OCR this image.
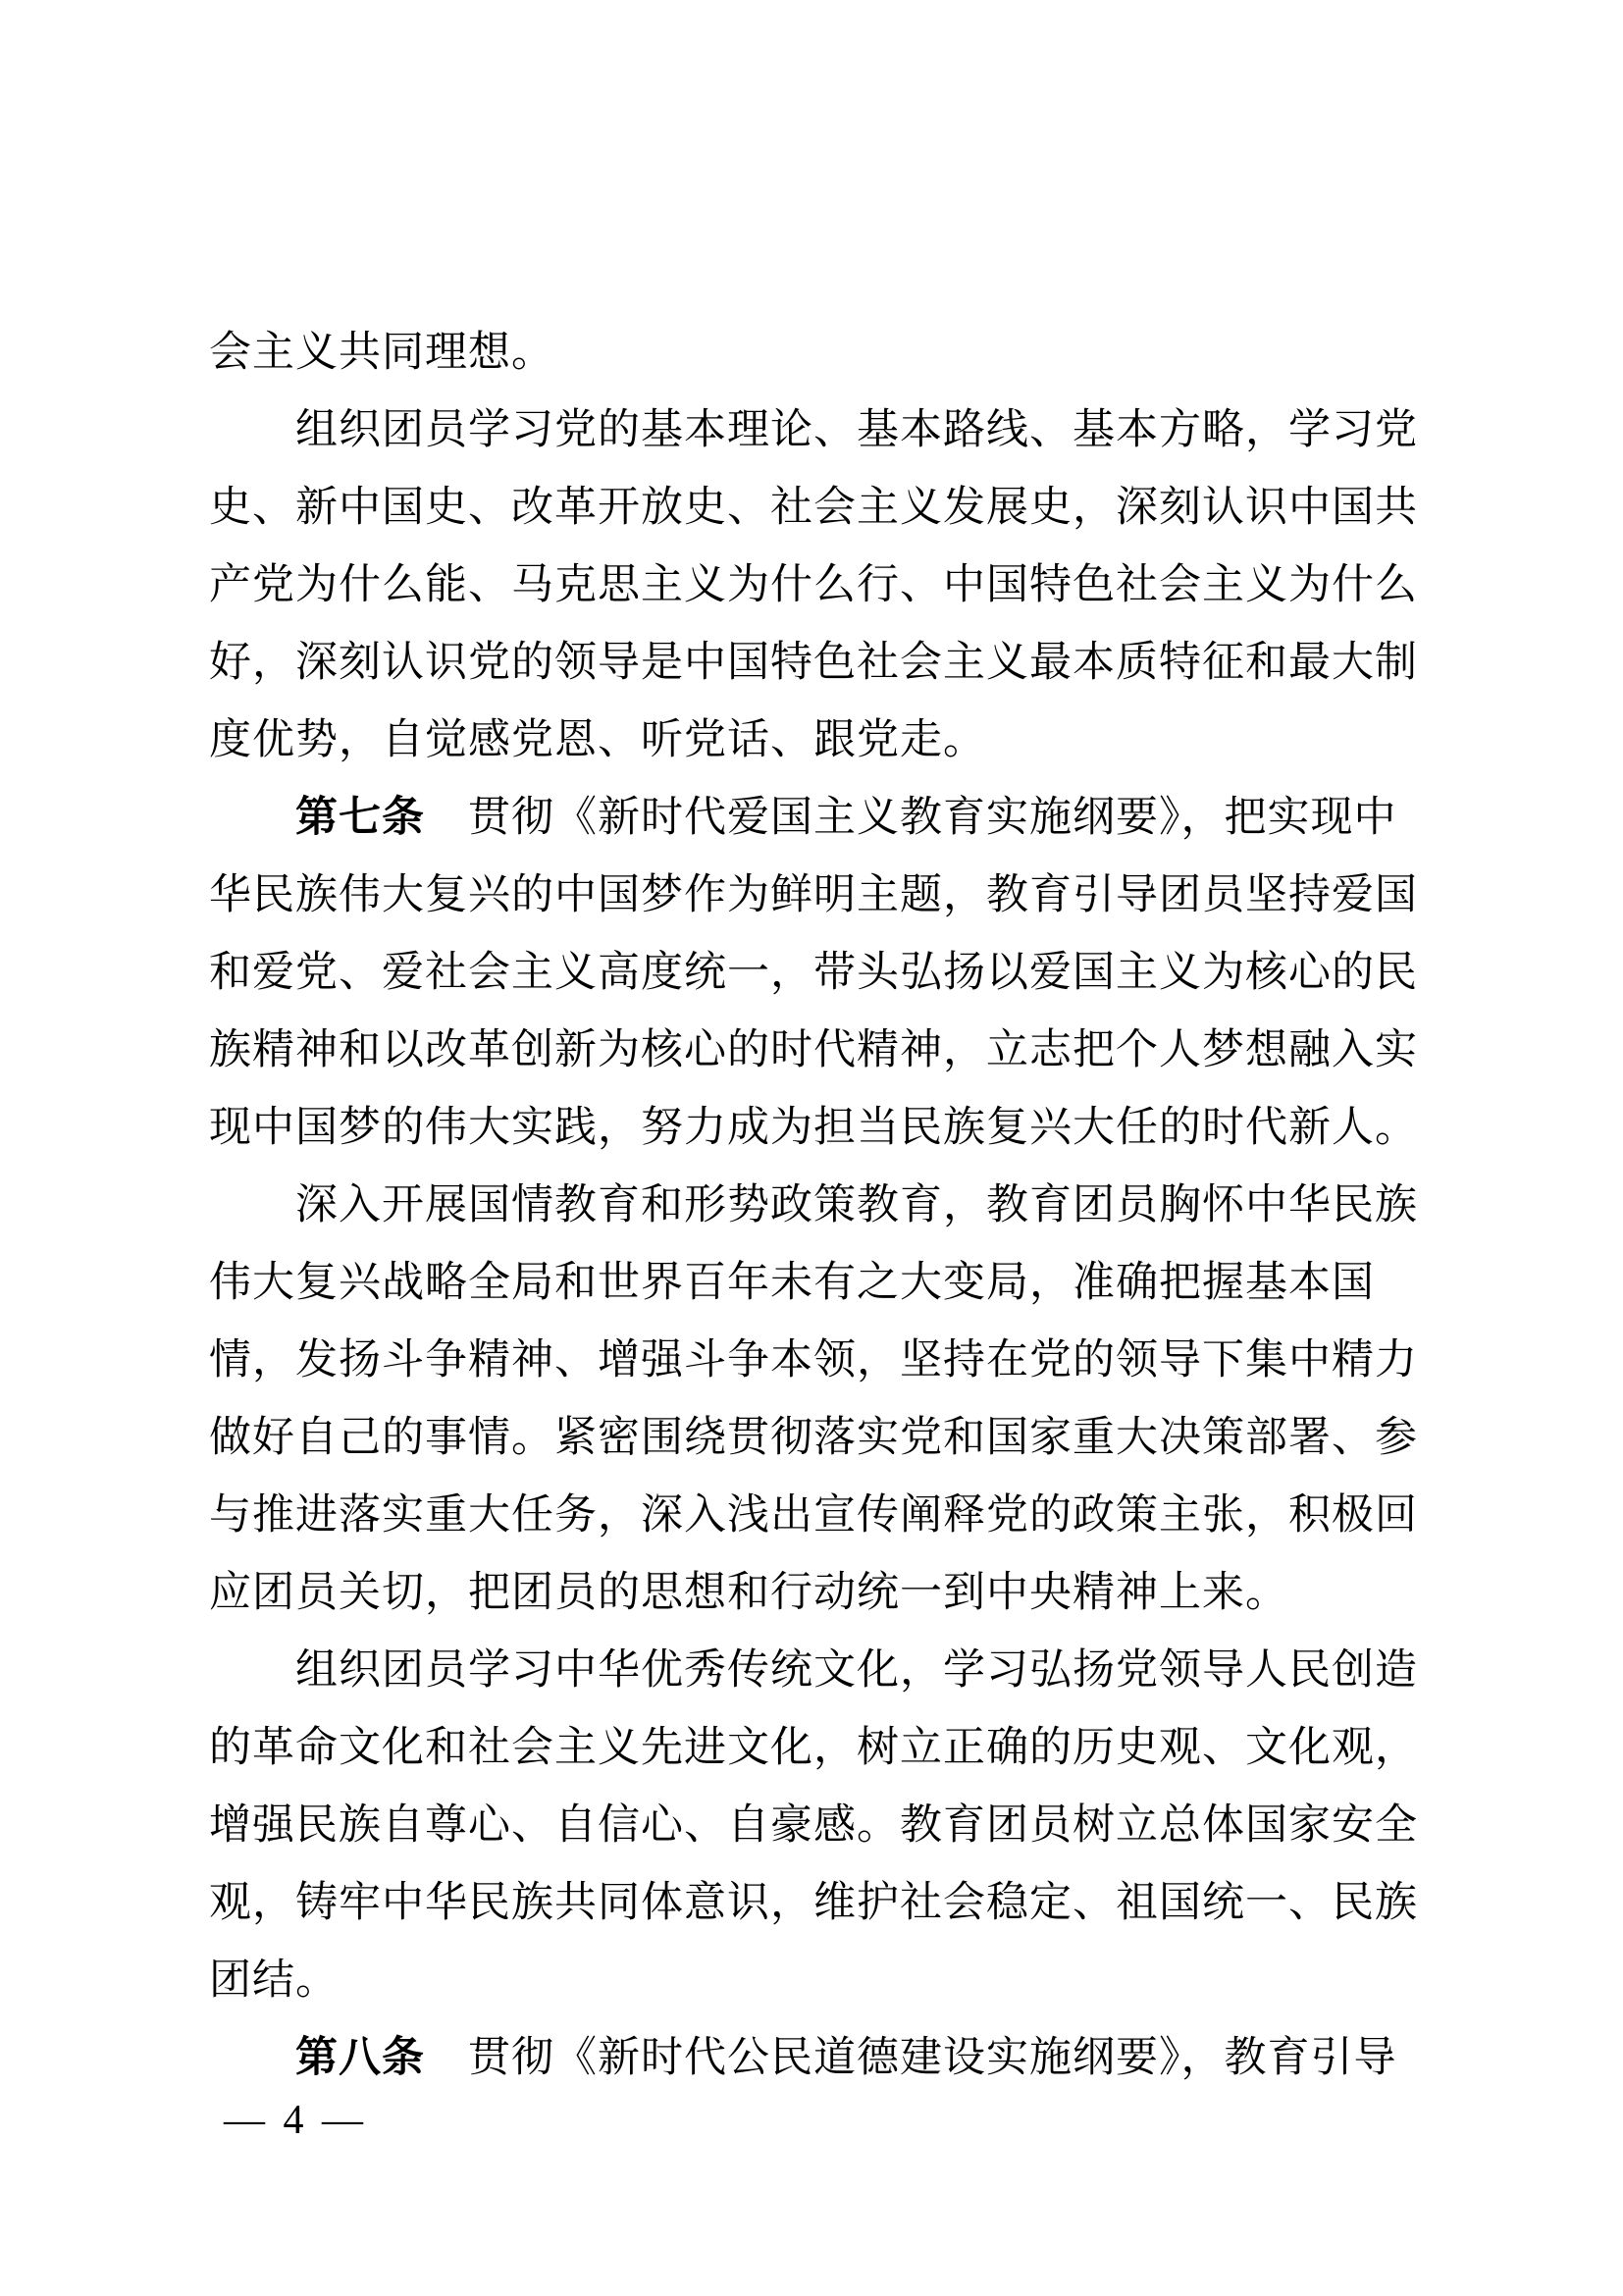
会主义共同理想。
　　组织团员学习党的基本理论、基本路线、基本方略，学习党
史、新中国史、改革开放史、社会主义发展史，深刻认识中国共
产党为什么能、马克思主义为什么行、中国特色社会主义为什么
好，深刻认识党的领导是中国特色社会主义最本质特征和最大制
度优势，自觉感党恩、听党话、跟党走。
　　第七条　贯彻《新时代爱国主义教育实施纲要》，把实现中
华民族伟大复兴的中国梦作为鲜明主题，教育引导团员坚持爱国
和爱党、爱社会主义高度统一，带头弘扬以爱国主义为核心的民
族精神和以改革创新为核心的时代精神，立志把个人梦想融入实
现中国梦的伟大实践，努力成为担当民族复兴大任的时代新人。
　　深入开展国情教育和形势政策教育，教育团员胸怀中华民族
伟大复兴战略全局和世界百年未有之大变局，准确把握基本国
情，发扬斗争精神、增强斗争本领，坚持在党的领导下集中精力
做好自己的事情。紧密围绕贯彻落实党和国家重大决策部署、参
与推进落实重大任务，深入浅出宣传阐释党的政策主张，积极回
应团员关切，把团员的思想和行动统一到中央精神上来。
　　组织团员学习中华优秀传统文化，学习弘扬党领导人民创造
的革命文化和社会主义先进文化，树立正确的历史观、文化观，
增强民族自尊心、自信心、自豪感。教育团员树立总体国家安全
观，铸牢中华民族共同体意识，维护社会稳定、祖国统一、民族
团结。
　　第八条　贯彻《新时代公民道德建设实施纲要》，教育引导
— 4 —
